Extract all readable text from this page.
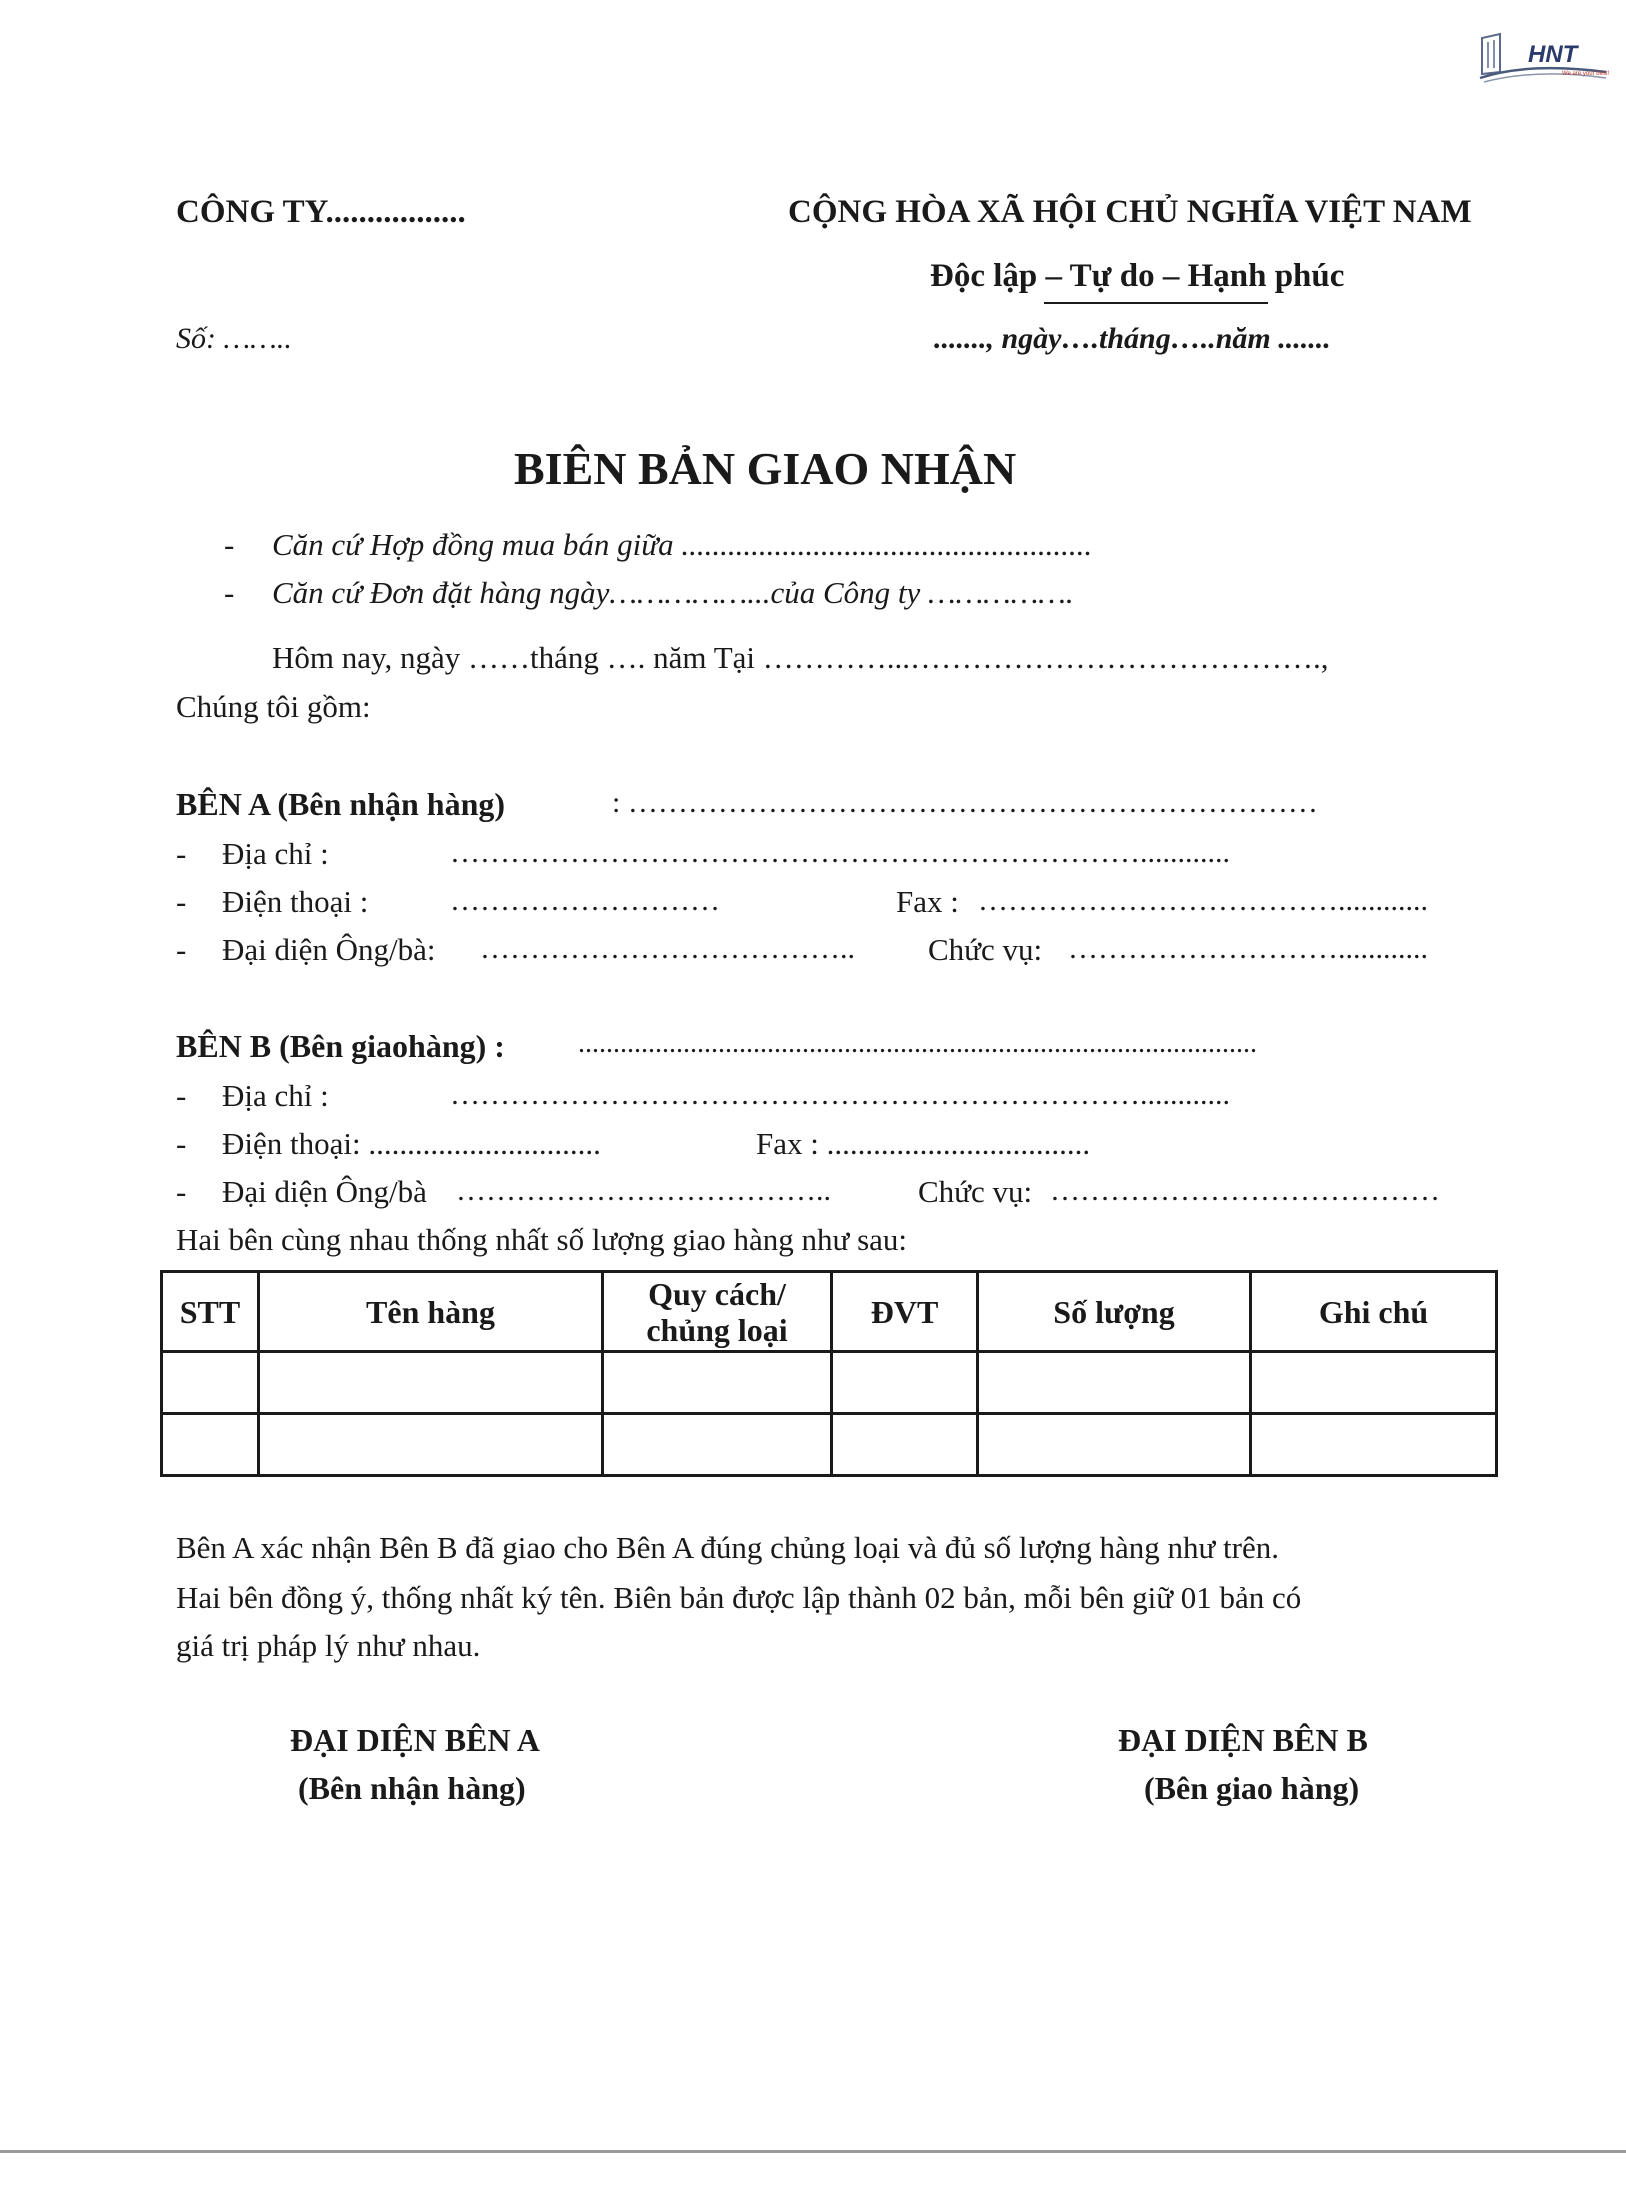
HNT
We are your best!
CÔNG TY.................
Số: ……..
CỘNG HÒA XÃ HỘI CHỦ NGHĨA VIỆT NAM
Độc lập – Tự do – Hạnh phúc
......., ngày….tháng…..năm .......
BIÊN BẢN GIAO NHẬN
- Căn cứ Hợp đồng mua bán giữa .....................................................
- Căn cứ Đơn đặt hàng ngày……………...của Công ty …………….
Hôm nay, ngày ……tháng …. năm Tại …………...………………………………….,
Chúng tôi gồm:
BÊN A (Bên nhận hàng)	: ……………………………………………………………
- Địa chỉ :	……………………………………………………………............
- Điện thoại :	………………………	Fax : ………………………………............
- Đại diện Ông/bà: ……………………………….. Chức vụ: ………………………............
BÊN B (Bên giaohàng) :	.................................................................................................
- Địa chỉ :	……………………………………………………………............
- Điện thoại: ..............................	Fax : ..................................
- Đại diện Ông/bà ………………………………..	Chức vụ: …………………………………
Hai bên cùng nhau thống nhất số lượng giao hàng như sau:
STT	Tên hàng	Quy cách/
chủng loại	ĐVT	Số lượng	Ghi chú

Bên A xác nhận Bên B đã giao cho Bên A đúng chủng loại và đủ số lượng hàng như trên.
Hai bên đồng ý, thống nhất ký tên. Biên bản được lập thành 02 bản, mỗi bên giữ 01 bản có
giá trị pháp lý như nhau.
ĐẠI DIỆN BÊN A
(Bên nhận hàng)
ĐẠI DIỆN BÊN B
(Bên giao hàng)
